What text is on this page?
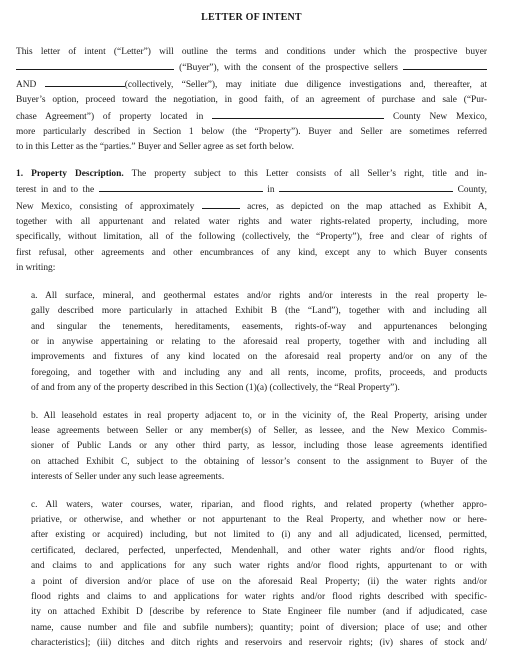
LETTER OF INTENT
This letter of intent (“Letter”) will outline the terms and conditions under which the prospective buyer
(“Buyer”), with the consent of the prospective sellers
AND	(collectively, “Seller”), may initiate due diligence investigations and, thereafter, at
Buyer’s option, proceed toward the negotiation, in good faith, of an agreement of purchase and sale (“Pur-
chase Agreement”) of property located in	County New Mexico,
more particularly described in Section 1 below (the “Property”). Buyer and Seller are sometimes referred
to in this Letter as the “parties.” Buyer and Seller agree as set forth below.
1. Property Description. The property subject to this Letter consists of all Seller’s right, title and in-
terest in and to the	in	County,
New Mexico, consisting of approximately	acres, as depicted on the map attached as Exhibit A,
together with all appurtenant and related water rights and water rights-related property, including, more
specifically, without limitation, all of the following (collectively, the “Property”), free and clear of rights of
first refusal, other agreements and other encumbrances of any kind, except any to which Buyer consents
in writing:
a. All surface, mineral, and geothermal estates and/or rights and/or interests in the real property le-
gally described more particularly in attached Exhibit B (the “Land”), together with and including all
and singular the tenements, hereditaments, easements, rights-of-way and appurtenances belonging
or in anywise appertaining or relating to the aforesaid real property, together with and including all
improvements and fixtures of any kind located on the aforesaid real property and/or on any of the
foregoing, and together with and including any and all rents, income, profits, proceeds, and products
of and from any of the property described in this Section (1)(a) (collectively, the “Real Property”).
b. All leasehold estates in real property adjacent to, or in the vicinity of, the Real Property, arising under
lease agreements between Seller or any member(s) of Seller, as lessee, and the New Mexico Commis-
sioner of Public Lands or any other third party, as lessor, including those lease agreements identified
on attached Exhibit C, subject to the obtaining of lessor’s consent to the assignment to Buyer of the
interests of Seller under any such lease agreements.
c. All waters, water courses, water, riparian, and flood rights, and related property (whether appro-
priative, or otherwise, and whether or not appurtenant to the Real Property, and whether now or here-
after existing or acquired) including, but not limited to (i) any and all adjudicated, licensed, permitted,
certificated, declared, perfected, unperfected, Mendenhall, and other water rights and/or flood rights,
and claims to and applications for any such water rights and/or flood rights, appurtenant to or with
a point of diversion and/or place of use on the aforesaid Real Property; (ii) the water rights and/or
flood rights and claims to and applications for water rights and/or flood rights described with specific-
ity on attached Exhibit D [describe by reference to State Engineer file number (and if adjudicated, case
name, cause number and file and subfile numbers); quantity; point of diversion; place of use; and other
characteristics]; (iii) ditches and ditch rights and reservoirs and reservoir rights; (iv) shares of stock and/
